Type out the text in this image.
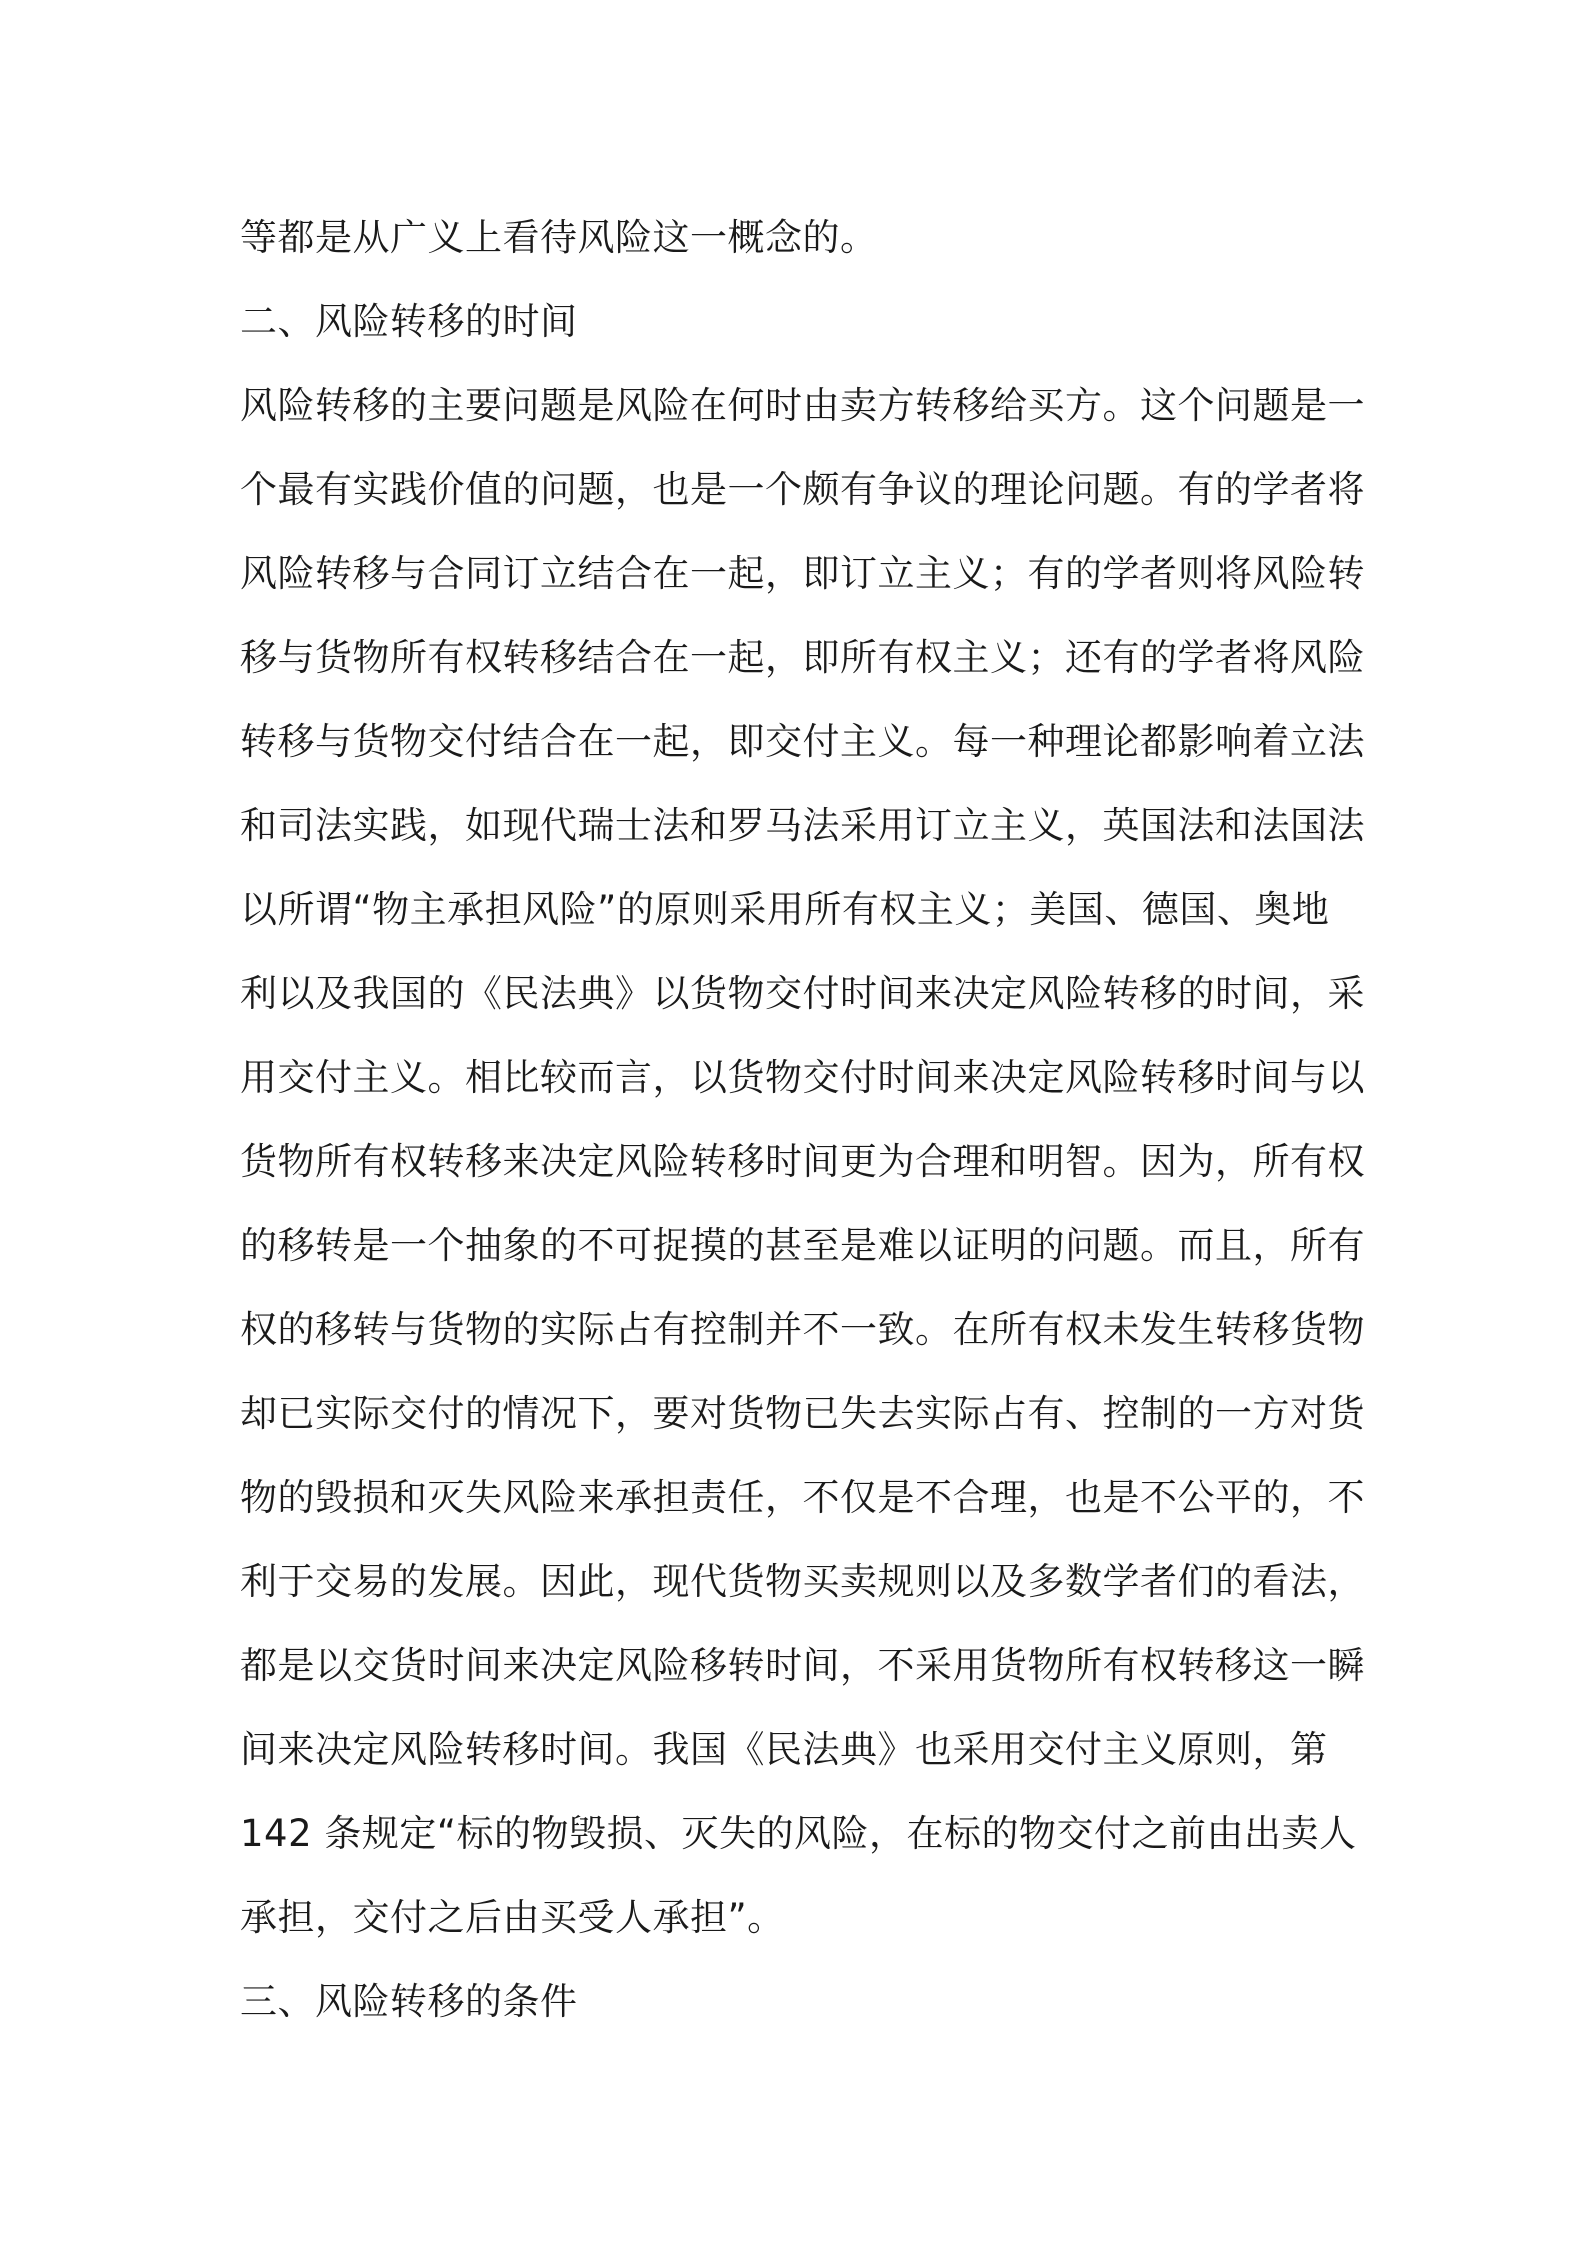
等都是从广义上看待风险这一概念的。
二、风险转移的时间
风险转移的主要问题是风险在何时由卖方转移给买方。这个问题是一
个最有实践价值的问题，也是一个颇有争议的理论问题。有的学者将
风险转移与合同订立结合在一起，即订立主义；有的学者则将风险转
移与货物所有权转移结合在一起，即所有权主义；还有的学者将风险
转移与货物交付结合在一起，即交付主义。每一种理论都影响着立法
和司法实践，如现代瑞士法和罗马法采用订立主义，英国法和法国法
以所谓“物主承担风险”的原则采用所有权主义；美国、德国、奥地
利以及我国的《民法典》以货物交付时间来决定风险转移的时间，采
用交付主义。相比较而言，以货物交付时间来决定风险转移时间与以
货物所有权转移来决定风险转移时间更为合理和明智。因为，所有权
的移转是一个抽象的不可捉摸的甚至是难以证明的问题。而且，所有
权的移转与货物的实际占有控制并不一致。在所有权未发生转移货物
却已实际交付的情况下，要对货物已失去实际占有、控制的一方对货
物的毁损和灭失风险来承担责任，不仅是不合理，也是不公平的，不
利于交易的发展。因此，现代货物买卖规则以及多数学者们的看法，
都是以交货时间来决定风险移转时间，不采用货物所有权转移这一瞬
间来决定风险转移时间。我国《民法典》也采用交付主义原则，第
142 条规定“标的物毁损、灭失的风险，在标的物交付之前由出卖人
承担，交付之后由买受人承担”。
三、风险转移的条件
